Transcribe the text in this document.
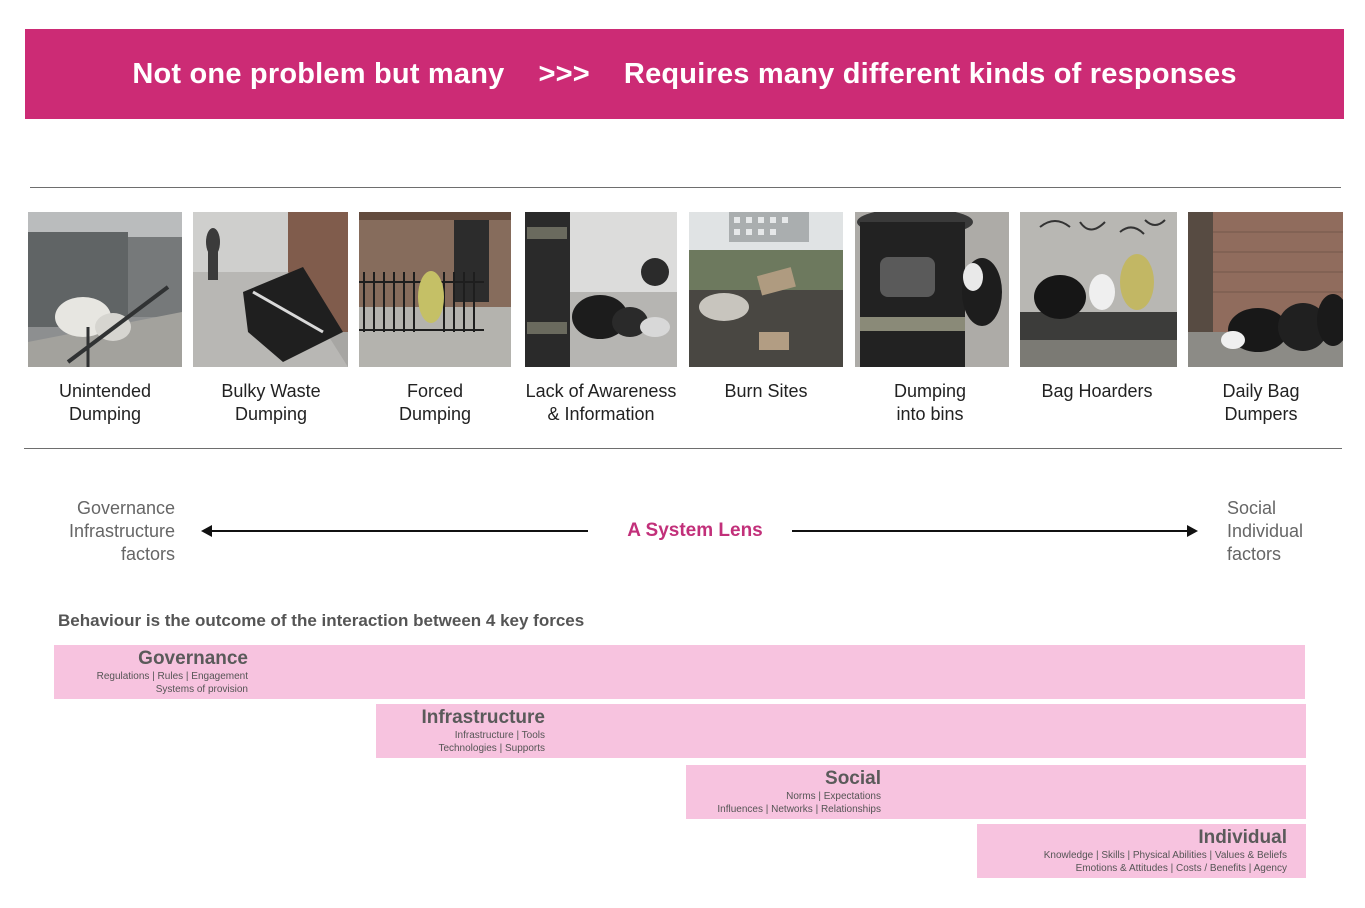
Not one problem but many >>> Requires many different kinds of responses
Unintended
Dumping
Bulky Waste
Dumping
Forced
Dumping
Lack of Awareness
& Information
Burn Sites	Dumping
into bins
Bag Hoarders	Daily Bag
Dumpers
Governance
Infrastructure
factors
A System Lens
Social
Individual
factors
Behaviour is the outcome of the interaction between 4 key forces
Governance
Regulations | Rules | Engagement
Systems of provision
Infrastructure
Infrastructure | Tools
Technologies | Supports
Social
Norms | Expectations
Influences | Networks | Relationships
Individual
Knowledge | Skills | Physical Abilities | Values & Beliefs
Emotions & Attitudes | Costs / Benefits | Agency
